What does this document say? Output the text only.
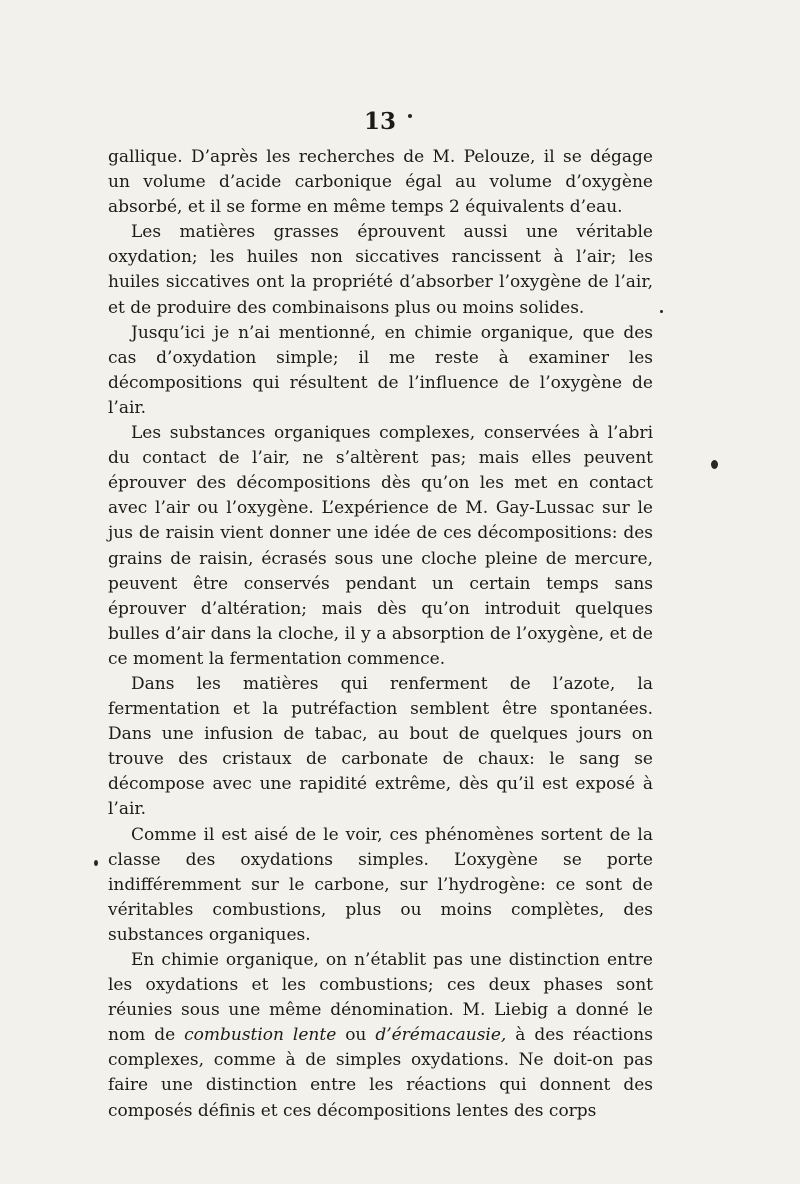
13

gallique. D’après les recherches de M. Pelouze, il se dégage un volume d’acide carbonique égal au volume d’oxygène absorbé, et il se forme en même temps 2 équivalents d’eau.

Les matières grasses éprouvent aussi une véritable oxydation; les huiles non siccatives rancissent à l’air; les huiles siccatives ont la propriété d’absorber l’oxygène de l’air, et de produire des combinaisons plus ou moins solides.

Jusqu’ici je n’ai mentionné, en chimie organique, que des cas d’oxydation simple; il me reste à examiner les décompositions qui résultent de l’influence de l’oxygène de l’air.

Les substances organiques complexes, conservées à l’abri du contact de l’air, ne s’altèrent pas; mais elles peuvent éprouver des décompositions dès qu’on les met en contact avec l’air ou l’oxygène. L’expérience de M. Gay-Lussac sur le jus de raisin vient donner une idée de ces décompositions: des grains de raisin, écrasés sous une cloche pleine de mercure, peuvent être conservés pendant un certain temps sans éprouver d’altération; mais dès qu’on introduit quelques bulles d’air dans la cloche, il y a absorption de l’oxygène, et de ce moment la fermentation commence.

Dans les matières qui renferment de l’azote, la fermentation et la putréfaction semblent être spontanées. Dans une infusion de tabac, au bout de quelques jours on trouve des cristaux de carbonate de chaux: le sang se décompose avec une rapidité extrême, dès qu’il est exposé à l’air.

Comme il est aisé de le voir, ces phénomènes sortent de la classe des oxydations simples. L’oxygène se porte indifféremment sur le carbone, sur l’hydrogène: ce sont de véritables combustions, plus ou moins complètes, des substances organiques.

En chimie organique, on n’établit pas une distinction entre les oxydations et les combustions; ces deux phases sont réunies sous une même dénomination. M. Liebig a donné le nom de combustion lente ou d’érémacausie, à des réactions complexes, comme à de simples oxydations. Ne doit-on pas faire une distinction entre les réactions qui donnent des composés définis et ces décompositions lentes des corps
